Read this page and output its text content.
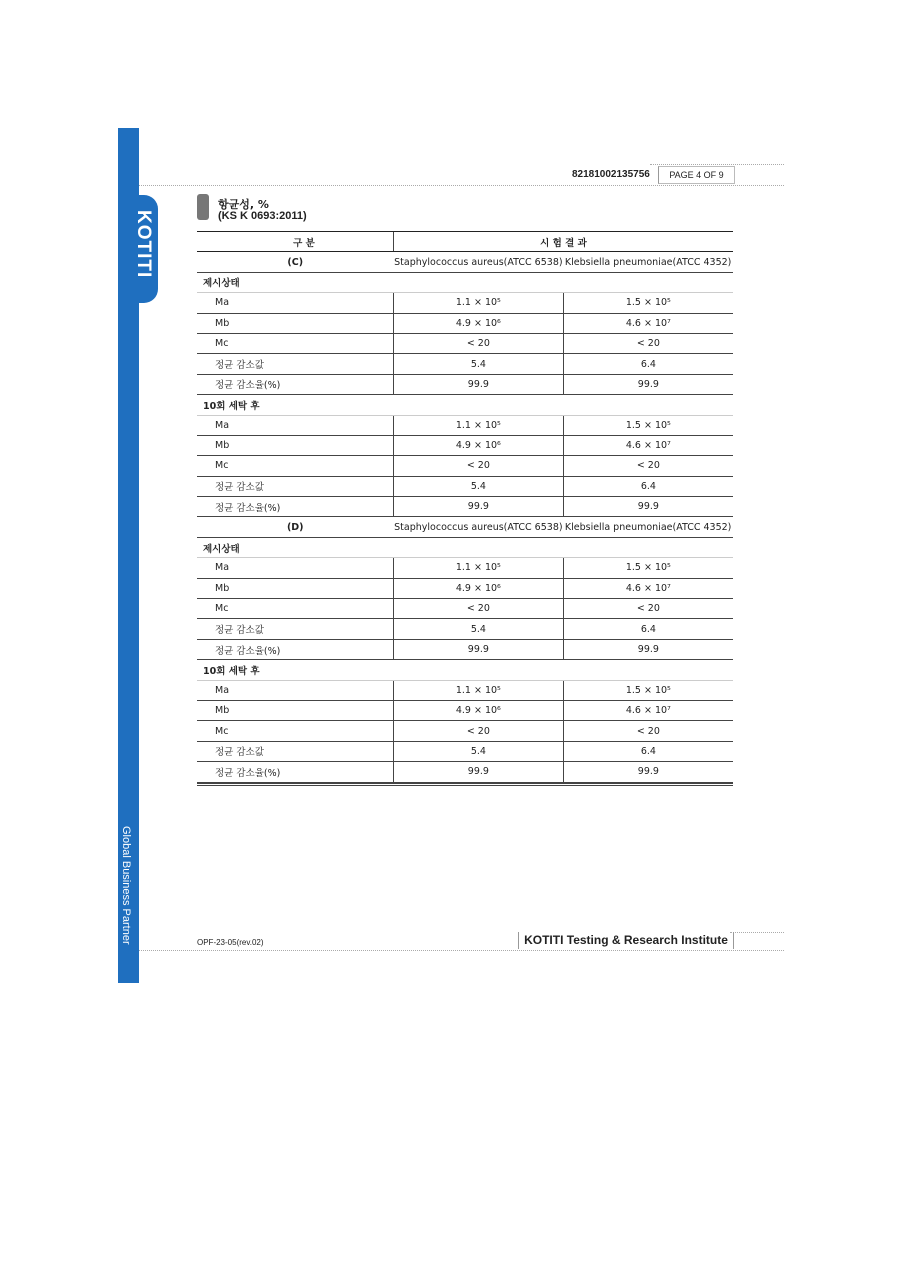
KOTITI
Global Business Partner
82181002135756	PAGE 4 OF 9
항균성, %
(KS K 0693:2011)
구 분	시 험 결 과	
(C)	Staphylococcus aureus(ATCC 6538)	Klebsiella pneumoniae(ATCC 4352)
제시상태		
Ma	1.1 × 10⁵	1.5 × 10⁵
Mb	4.9 × 10⁶	4.6 × 10⁷
Mc	< 20	< 20
정균 감소값	5.4	6.4
정균 감소율(%)	99.9	99.9
10회 세탁 후		
Ma	1.1 × 10⁵	1.5 × 10⁵
Mb	4.9 × 10⁶	4.6 × 10⁷
Mc	< 20	< 20
정균 감소값	5.4	6.4
정균 감소율(%)	99.9	99.9
(D)	Staphylococcus aureus(ATCC 6538)	Klebsiella pneumoniae(ATCC 4352)
제시상태		
Ma	1.1 × 10⁵	1.5 × 10⁵
Mb	4.9 × 10⁶	4.6 × 10⁷
Mc	< 20	< 20
정균 감소값	5.4	6.4
정균 감소율(%)	99.9	99.9
10회 세탁 후		
Ma	1.1 × 10⁵	1.5 × 10⁵
Mb	4.9 × 10⁶	4.6 × 10⁷
Mc	< 20	< 20
정균 감소값	5.4	6.4
정균 감소율(%)	99.9	99.9
OPF-23-05(rev.02)	KOTITI Testing & Research Institute
